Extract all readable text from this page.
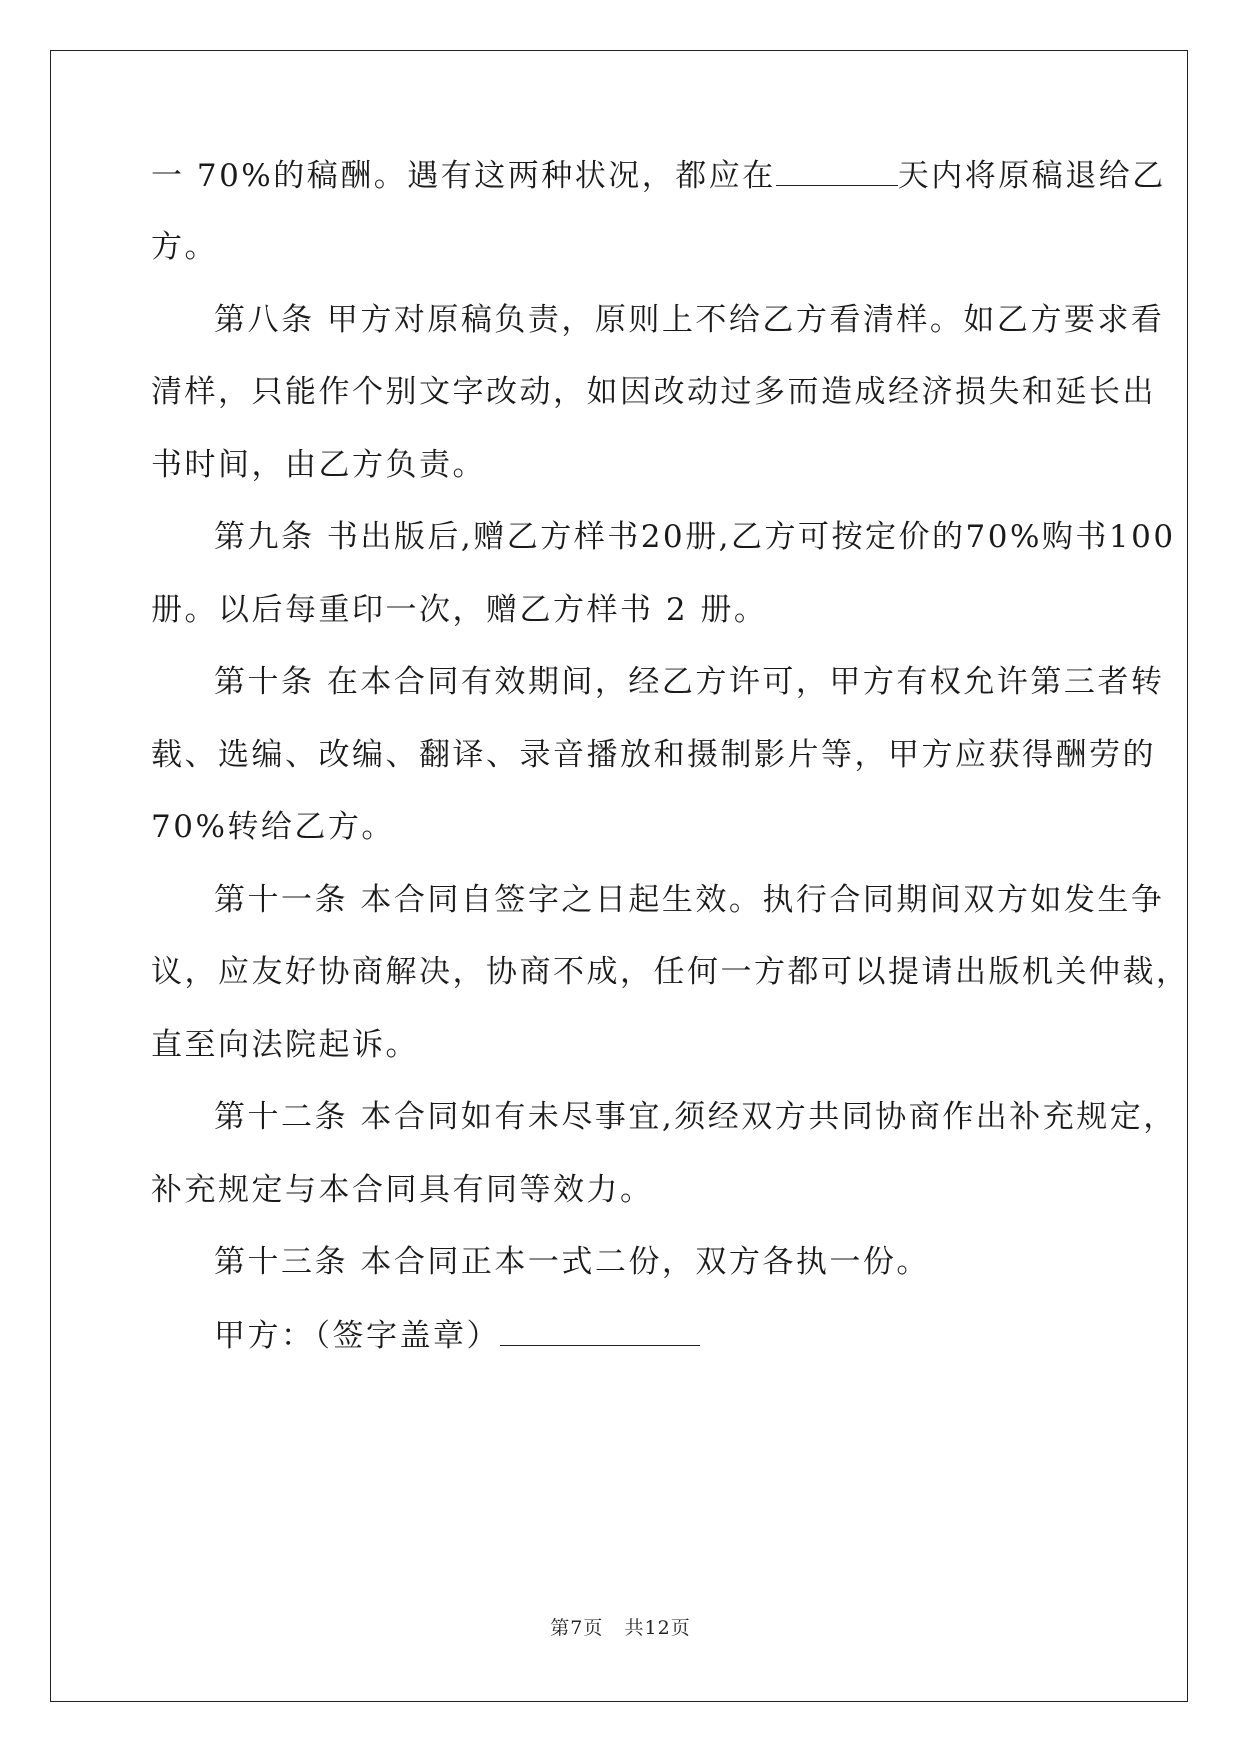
一 70%的稿酬。遇有这两种状况，都应在	天内将原稿退给乙
方。
第八条 甲方对原稿负责，原则上不给乙方看清样。如乙方要求看
清样，只能作个别文字改动，如因改动过多而造成经济损失和延长出
书时间，由乙方负责。
第九条 书出版后,赠乙方样书20册,乙方可按定价的70%购书100
册。以后每重印一次，赠乙方样书 2 册。
第十条 在本合同有效期间，经乙方许可，甲方有权允许第三者转
载、选编、改编、翻译、录音播放和摄制影片等，甲方应获得酬劳的
70%转给乙方。
第十一条 本合同自签字之日起生效。执行合同期间双方如发生争
议，应友好协商解决，协商不成，任何一方都可以提请出版机关仲裁，
直至向法院起诉。
第十二条 本合同如有未尽事宜,须经双方共同协商作出补充规定，
补充规定与本合同具有同等效力。
第十三条 本合同正本一式二份，双方各执一份。
甲方：（签字盖章）
第7页 共12页
